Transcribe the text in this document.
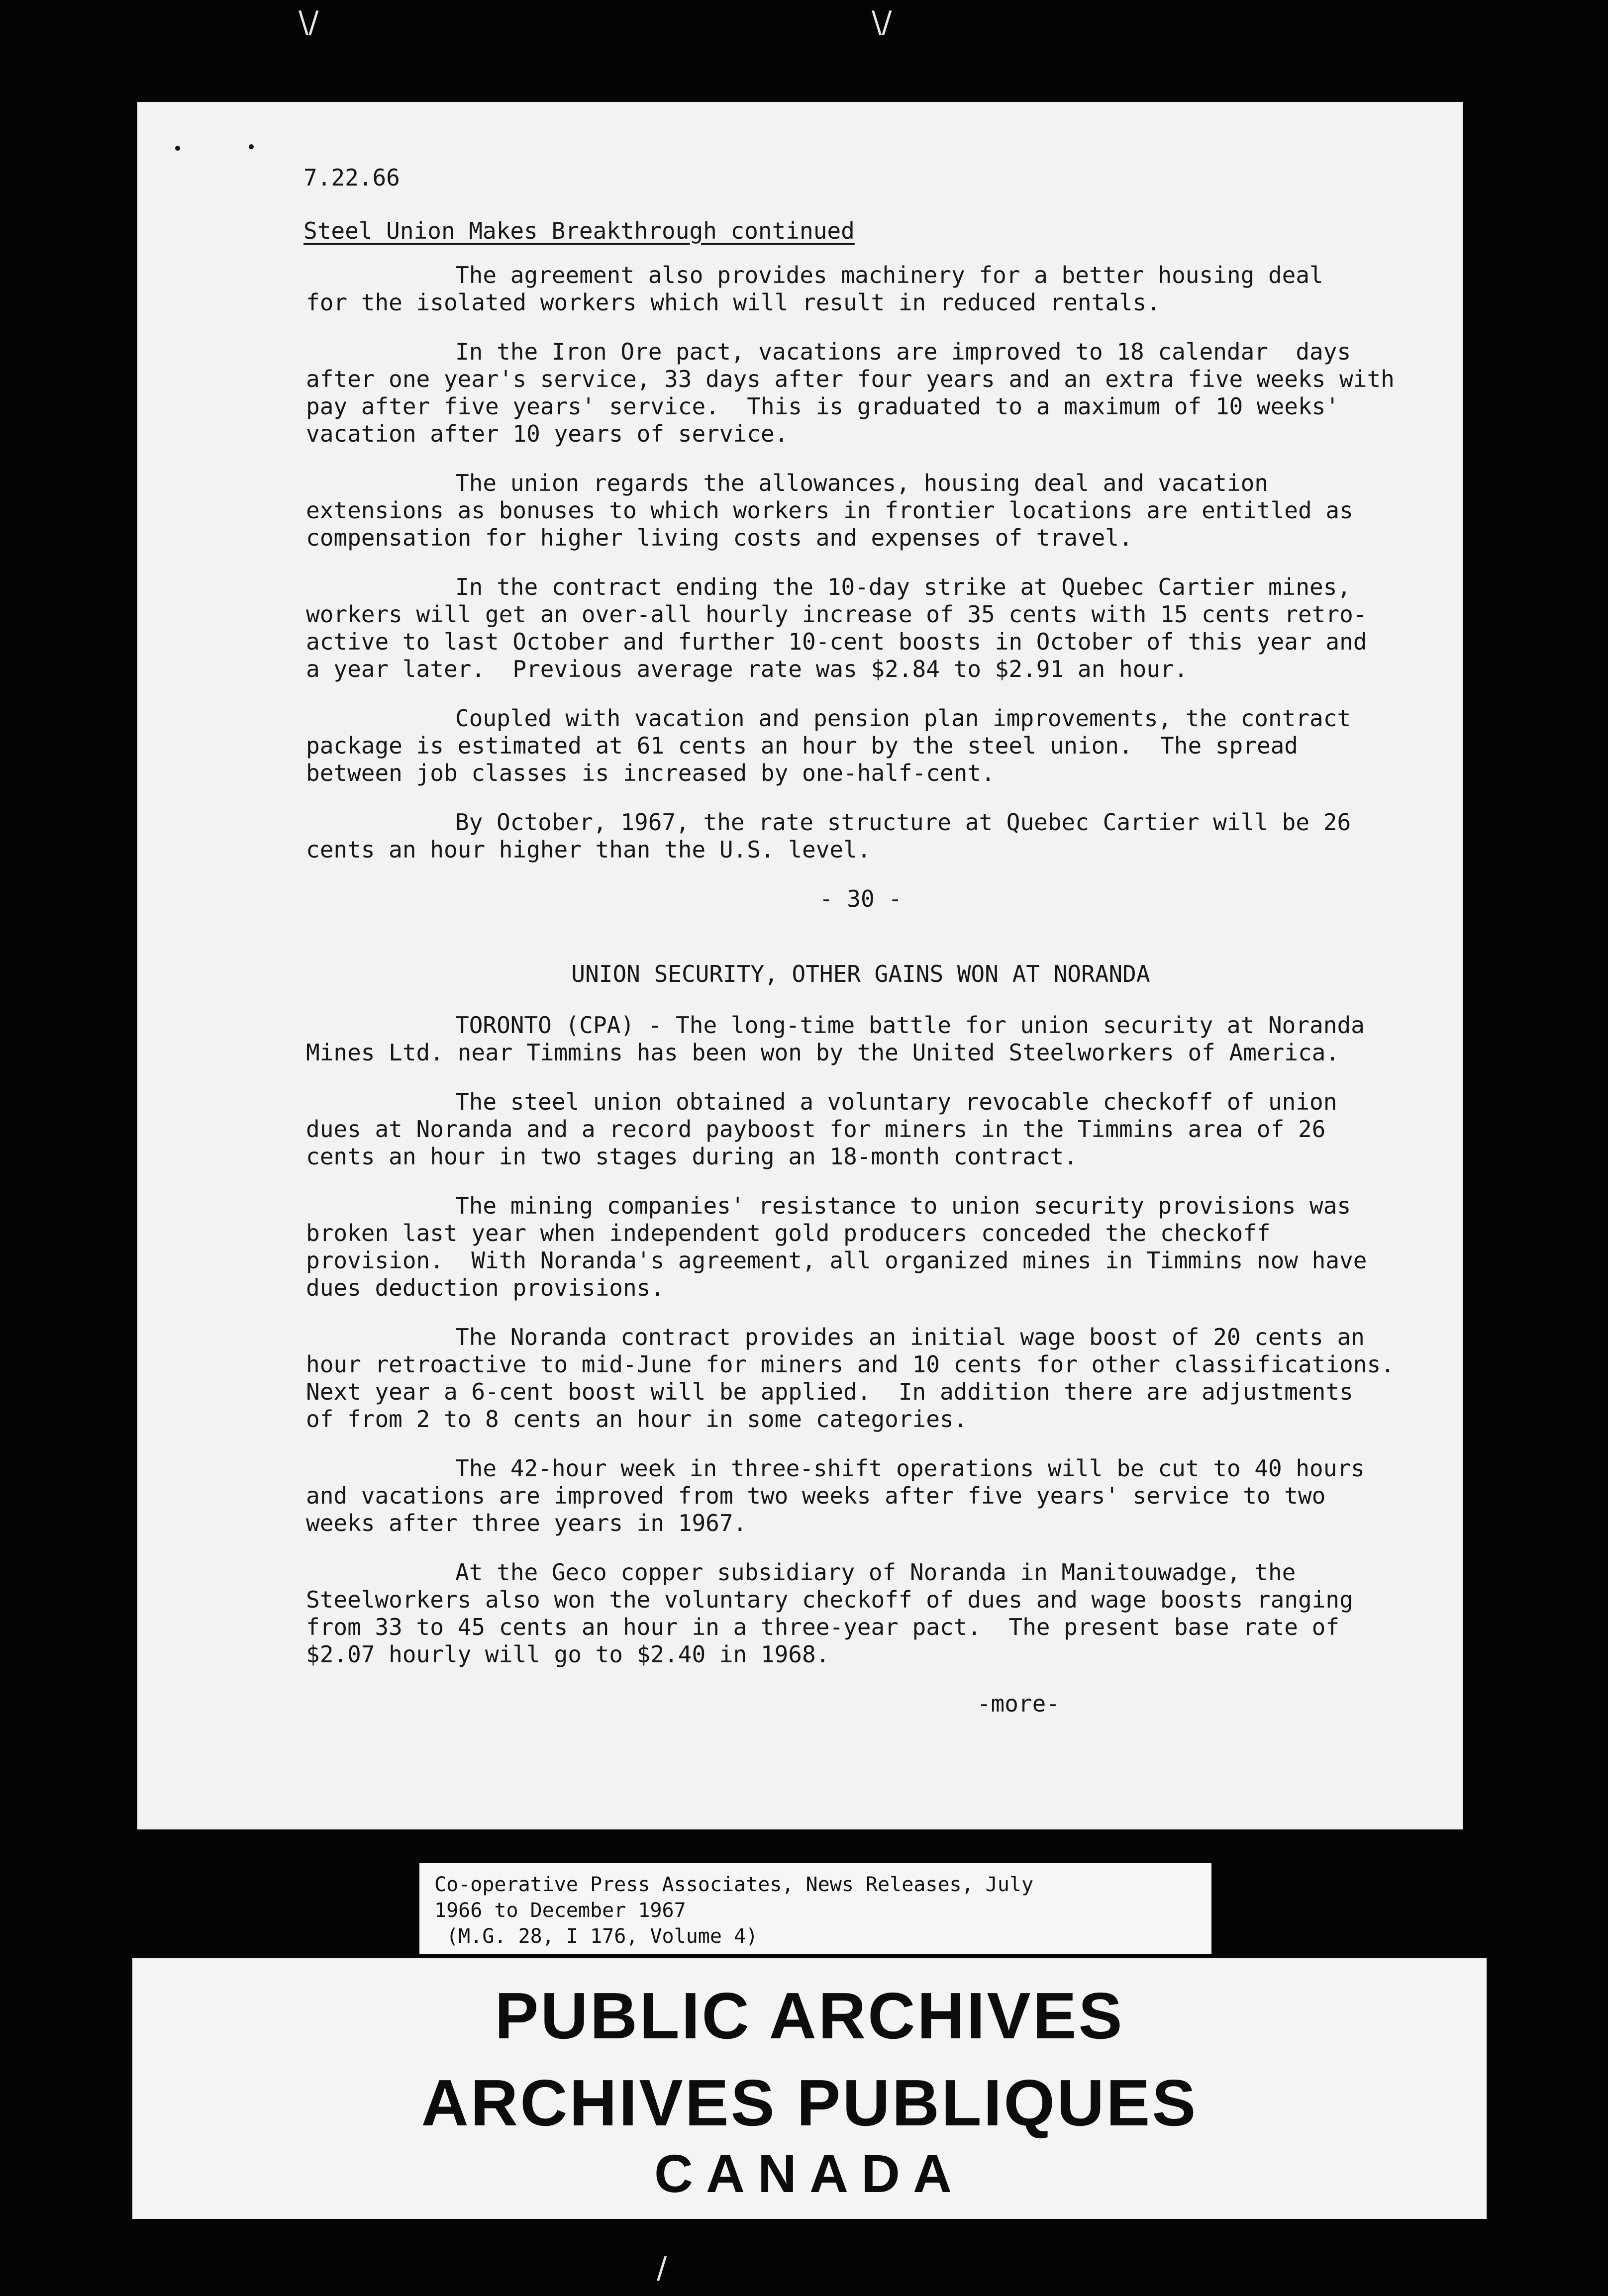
\/	\/
7.22.66
Steel Union Makes Breakthrough continued
The agreement also provides machinery for a better housing deal
for the isolated workers which will result in reduced rentals.
In the Iron Ore pact, vacations are improved to 18 calendar  days
after one year's service, 33 days after four years and an extra five weeks with
pay after five years' service.  This is graduated to a maximum of 10 weeks'
vacation after 10 years of service.
The union regards the allowances, housing deal and vacation
extensions as bonuses to which workers in frontier locations are entitled as
compensation for higher living costs and expenses of travel.
In the contract ending the 10-day strike at Quebec Cartier mines,
workers will get an over-all hourly increase of 35 cents with 15 cents retro-
active to last October and further 10-cent boosts in October of this year and
a year later.  Previous average rate was $2.84 to $2.91 an hour.
Coupled with vacation and pension plan improvements, the contract
package is estimated at 61 cents an hour by the steel union.  The spread
between job classes is increased by one-half-cent.
By October, 1967, the rate structure at Quebec Cartier will be 26
cents an hour higher than the U.S. level.
- 30 -
UNION SECURITY, OTHER GAINS WON AT NORANDA
TORONTO (CPA) - The long-time battle for union security at Noranda
Mines Ltd. near Timmins has been won by the United Steelworkers of America.
The steel union obtained a voluntary revocable checkoff of union
dues at Noranda and a record payboost for miners in the Timmins area of 26
cents an hour in two stages during an 18-month contract.
The mining companies' resistance to union security provisions was
broken last year when independent gold producers conceded the checkoff
provision.  With Noranda's agreement, all organized mines in Timmins now have
dues deduction provisions.
The Noranda contract provides an initial wage boost of 20 cents an
hour retroactive to mid-June for miners and 10 cents for other classifications.
Next year a 6-cent boost will be applied.  In addition there are adjustments
of from 2 to 8 cents an hour in some categories.
The 42-hour week in three-shift operations will be cut to 40 hours
and vacations are improved from two weeks after five years' service to two
weeks after three years in 1967.
At the Geco copper subsidiary of Noranda in Manitouwadge, the
Steelworkers also won the voluntary checkoff of dues and wage boosts ranging
from 33 to 45 cents an hour in a three-year pact.  The present base rate of
$2.07 hourly will go to $2.40 in 1968.
-more-
Co-operative Press Associates, News Releases, July
1966 to December 1967
(M.G. 28, I 176, Volume 4)
PUBLIC ARCHIVES
ARCHIVES PUBLIQUES
CANADA
/
